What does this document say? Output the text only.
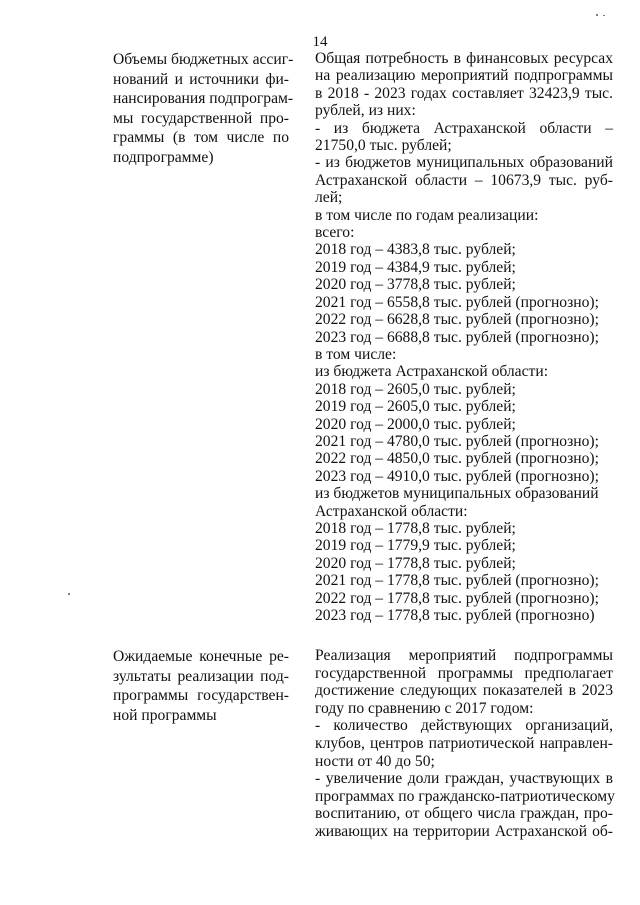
14
Объемы бюджетных ассиг-
нований и источники фи-
нансирования подпрограм-
мы государственной про-
граммы (в том числе по
подпрограмме)
Общая потребность в финансовых ресурсах
на реализацию мероприятий подпрограммы
в 2018 - 2023 годах составляет 32423,9 тыс.
рублей, из них:
- из бюджета Астраханской области –
21750,0 тыс. рублей;
- из бюджетов муниципальных образований
Астраханской области – 10673,9 тыс. руб-
лей;
в том числе по годам реализации:
всего:
2018 год – 4383,8 тыс. рублей;
2019 год – 4384,9 тыс. рублей;
2020 год – 3778,8 тыс. рублей;
2021 год – 6558,8 тыс. рублей (прогнозно);
2022 год – 6628,8 тыс. рублей (прогнозно);
2023 год – 6688,8 тыс. рублей (прогнозно);
в том числе:
из бюджета Астраханской области:
2018 год – 2605,0 тыс. рублей;
2019 год – 2605,0 тыс. рублей;
2020 год – 2000,0 тыс. рублей;
2021 год – 4780,0 тыс. рублей (прогнозно);
2022 год – 4850,0 тыс. рублей (прогнозно);
2023 год – 4910,0 тыс. рублей (прогнозно);
из бюджетов муниципальных образований
Астраханской области:
2018 год – 1778,8 тыс. рублей;
2019 год – 1779,9 тыс. рублей;
2020 год – 1778,8 тыс. рублей;
2021 год – 1778,8 тыс. рублей (прогнозно);
2022 год – 1778,8 тыс. рублей (прогнозно);
2023 год – 1778,8 тыс. рублей (прогнозно)
Ожидаемые конечные ре-
зультаты реализации под-
программы государствен-
ной программы
Реализация мероприятий подпрограммы
государственной программы предполагает
достижение следующих показателей в 2023
году по сравнению с 2017 годом:
- количество действующих организаций,
клубов, центров патриотической направлен-
ности от 40 до 50;
- увеличение доли граждан, участвующих в
программах по гражданско-патриотическому
воспитанию, от общего числа граждан, про-
живающих на территории Астраханской об-
